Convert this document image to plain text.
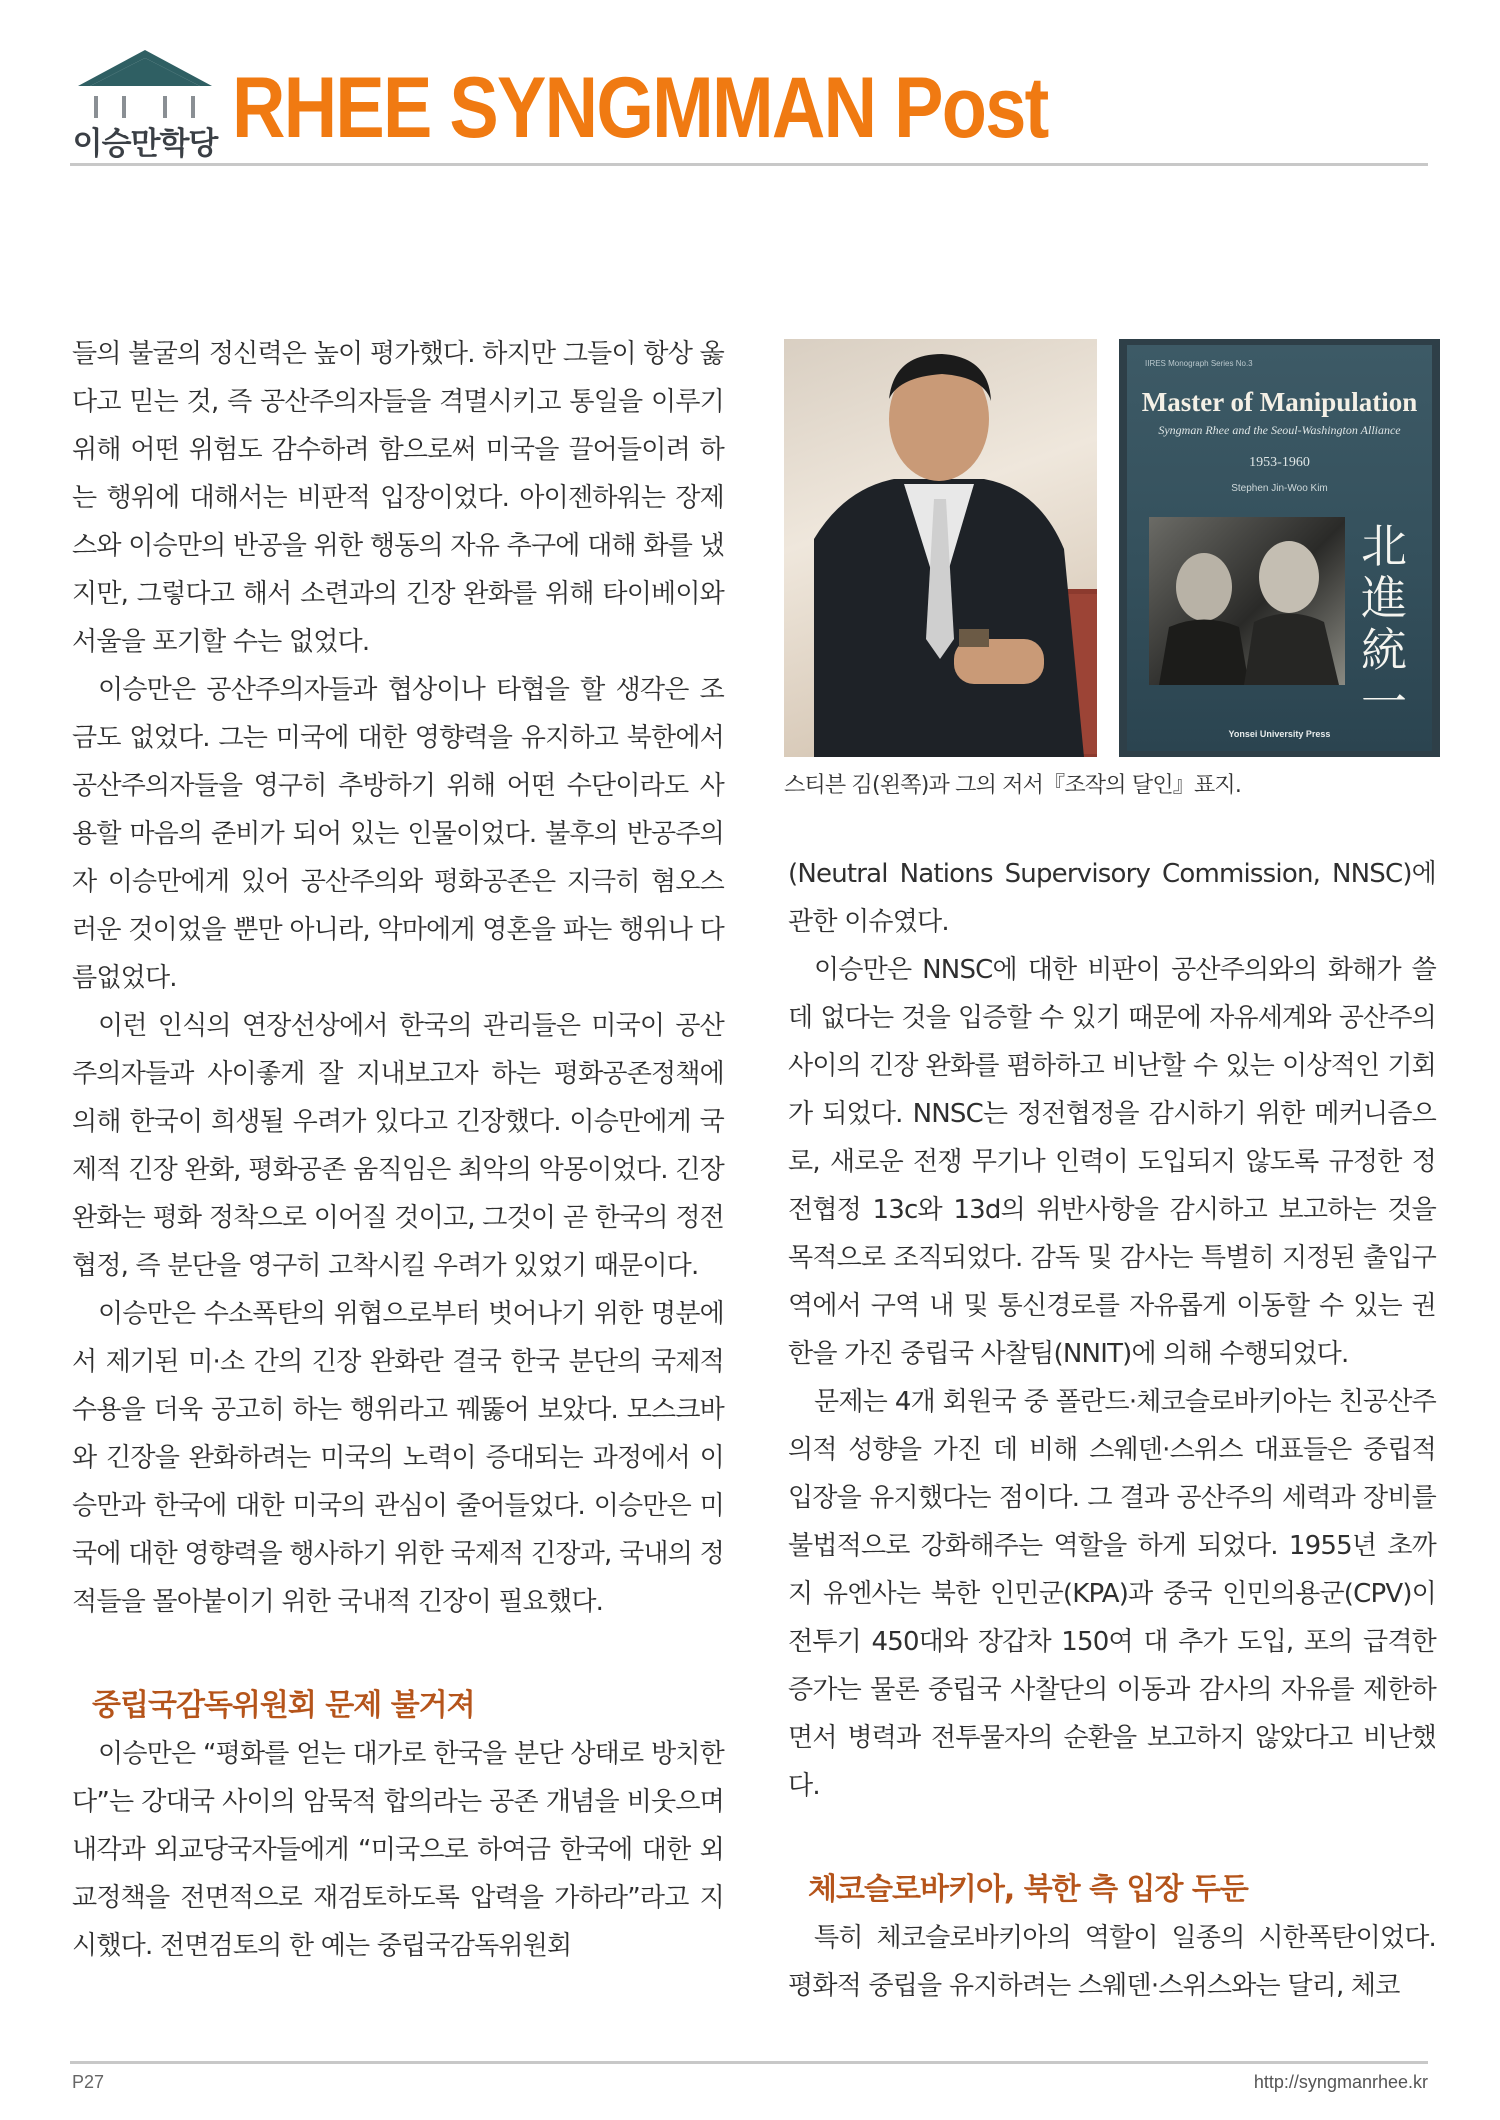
이승만학당 RHEE SYNGMMAN Post

들의 불굴의 정신력은 높이 평가했다. 하지만 그들이 항상 옳다고 믿는 것, 즉 공산주의자들을 격멸시키고 통일을 이루기 위해 어떤 위험도 감수하려 함으로써 미국을 끌어들이려 하는 행위에 대해서는 비판적 입장이었다. 아이젠하워는 장제스와 이승만의 반공을 위한 행동의 자유 추구에 대해 화를 냈지만, 그렇다고 해서 소련과의 긴장 완화를 위해 타이베이와 서울을 포기할 수는 없었다.

이승만은 공산주의자들과 협상이나 타협을 할 생각은 조금도 없었다. 그는 미국에 대한 영향력을 유지하고 북한에서 공산주의자들을 영구히 추방하기 위해 어떤 수단이라도 사용할 마음의 준비가 되어 있는 인물이었다. 불후의 반공주의자 이승만에게 있어 공산주의와 평화공존은 지극히 혐오스러운 것이었을 뿐만 아니라, 악마에게 영혼을 파는 행위나 다름없었다.

이런 인식의 연장선상에서 한국의 관리들은 미국이 공산주의자들과 사이좋게 잘 지내보고자 하는 평화공존정책에 의해 한국이 희생될 우려가 있다고 긴장했다. 이승만에게 국제적 긴장 완화, 평화공존 움직임은 최악의 악몽이었다. 긴장 완화는 평화 정착으로 이어질 것이고, 그것이 곧 한국의 정전협정, 즉 분단을 영구히 고착시킬 우려가 있었기 때문이다.

이승만은 수소폭탄의 위협으로부터 벗어나기 위한 명분에서 제기된 미·소 간의 긴장 완화란 결국 한국 분단의 국제적 수용을 더욱 공고히 하는 행위라고 꿰뚫어 보았다. 모스크바와 긴장을 완화하려는 미국의 노력이 증대되는 과정에서 이승만과 한국에 대한 미국의 관심이 줄어들었다. 이승만은 미국에 대한 영향력을 행사하기 위한 국제적 긴장과, 국내의 정적들을 몰아붙이기 위한 국내적 긴장이 필요했다.

중립국감독위원회 문제 불거져

이승만은 “평화를 얻는 대가로 한국을 분단 상태로 방치한다”는 강대국 사이의 암묵적 합의라는 공존 개념을 비웃으며 내각과 외교당국자들에게 “미국으로 하여금 한국에 대한 외교정책을 전면적으로 재검토하도록 압력을 가하라”라고 지시했다. 전면검토의 한 예는 중립국감독위원회

IIRES Monograph Series No.3
Master of Manipulation
Syngman Rhee and the Seoul-Washington Alliance
1953-1960
Stephen Jin-Woo Kim
北進統一
Yonsei University Press
스티븐 김(왼쪽)과 그의 저서『조작의 달인』표지.

(Neutral Nations Supervisory Commission, NNSC)에 관한 이슈였다.

이승만은 NNSC에 대한 비판이 공산주의와의 화해가 쓸데 없다는 것을 입증할 수 있기 때문에 자유세계와 공산주의 사이의 긴장 완화를 폄하하고 비난할 수 있는 이상적인 기회가 되었다. NNSC는 정전협정을 감시하기 위한 메커니즘으로, 새로운 전쟁 무기나 인력이 도입되지 않도록 규정한 정전협정 13c와 13d의 위반사항을 감시하고 보고하는 것을 목적으로 조직되었다. 감독 및 감사는 특별히 지정된 출입구역에서 구역 내 및 통신경로를 자유롭게 이동할 수 있는 권한을 가진 중립국 사찰팀(NNIT)에 의해 수행되었다.

문제는 4개 회원국 중 폴란드·체코슬로바키아는 친공산주의적 성향을 가진 데 비해 스웨덴·스위스 대표들은 중립적 입장을 유지했다는 점이다. 그 결과 공산주의 세력과 장비를 불법적으로 강화해주는 역할을 하게 되었다. 1955년 초까지 유엔사는 북한 인민군(KPA)과 중국 인민의용군(CPV)이 전투기 450대와 장갑차 150여 대 추가 도입, 포의 급격한 증가는 물론 중립국 사찰단의 이동과 감사의 자유를 제한하면서 병력과 전투물자의 순환을 보고하지 않았다고 비난했다.

체코슬로바키아, 북한 측 입장 두둔

특히 체코슬로바키아의 역할이 일종의 시한폭탄이었다. 평화적 중립을 유지하려는 스웨덴·스위스와는 달리, 체코

P27	http://syngmanrhee.kr
